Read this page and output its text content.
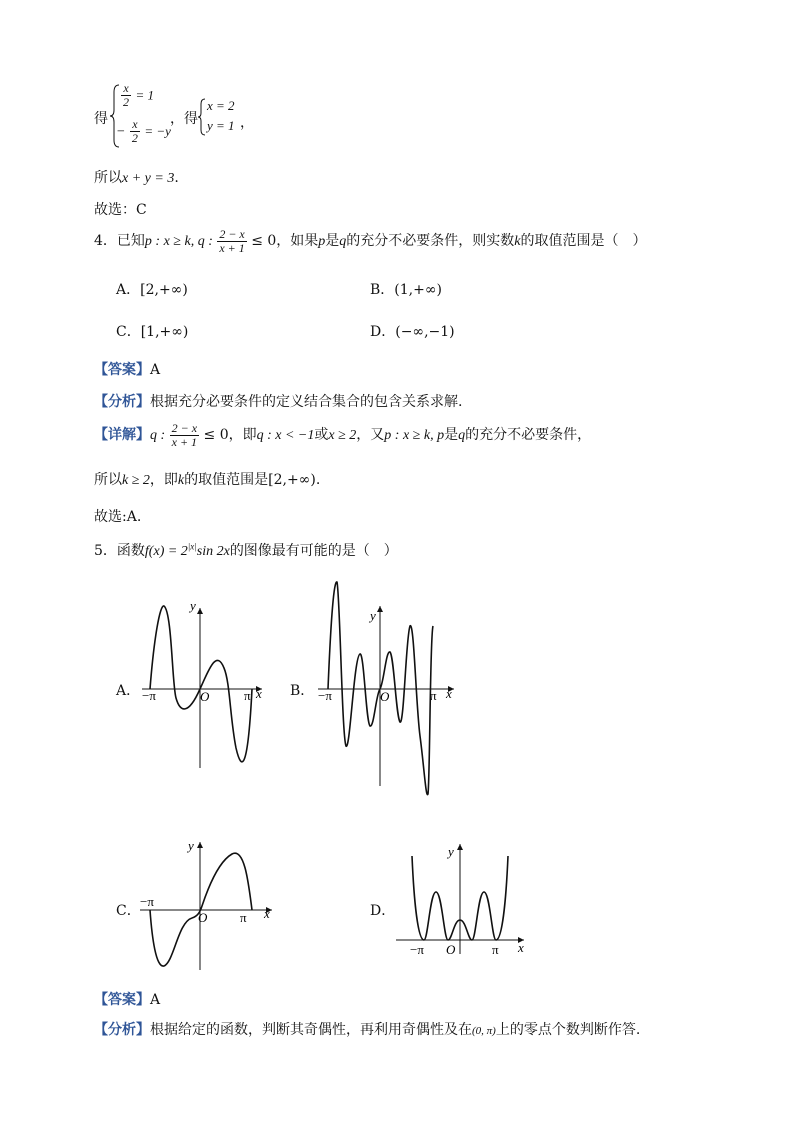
得
$\frac{x}{2} = 1$
− $\frac{x}{2} = -y$
，得
x = 2
y = 1 ，
所以x + y = 3.
故选：C
4．已知p : x ≥ k, q : $\frac{2 - x}{x + 1} \le 0$，如果p是q的充分不必要条件，则实数k的取值范围是（　）
A．[2,+∞)	B．(1,+∞)
C．[1,+∞)	D．(−∞,−1)
【答案】A
【分析】根据充分必要条件的定义结合集合的包含关系求解.
【详解】q : $\frac{2 - x}{x + 1} \le 0$，即q : x < −1或x ≥ 2，又p : x ≥ k, p是q的充分不必要条件，
所以k ≥ 2，即k的取值范围是[2,+∞).
故选:A.
5．函数$f(x) = 2^{|x|}\sin$ 2x的图像最有可能的是（　）
A．
y
x
O
−π	π	B．
y
x
O
−π	π
C．
y
x
O
−π
π	D．
y
x
O
−π	π
【答案】A
【分析】根据给定的函数，判断其奇偶性，再利用奇偶性及在(0, π)上的零点个数判断作答.
